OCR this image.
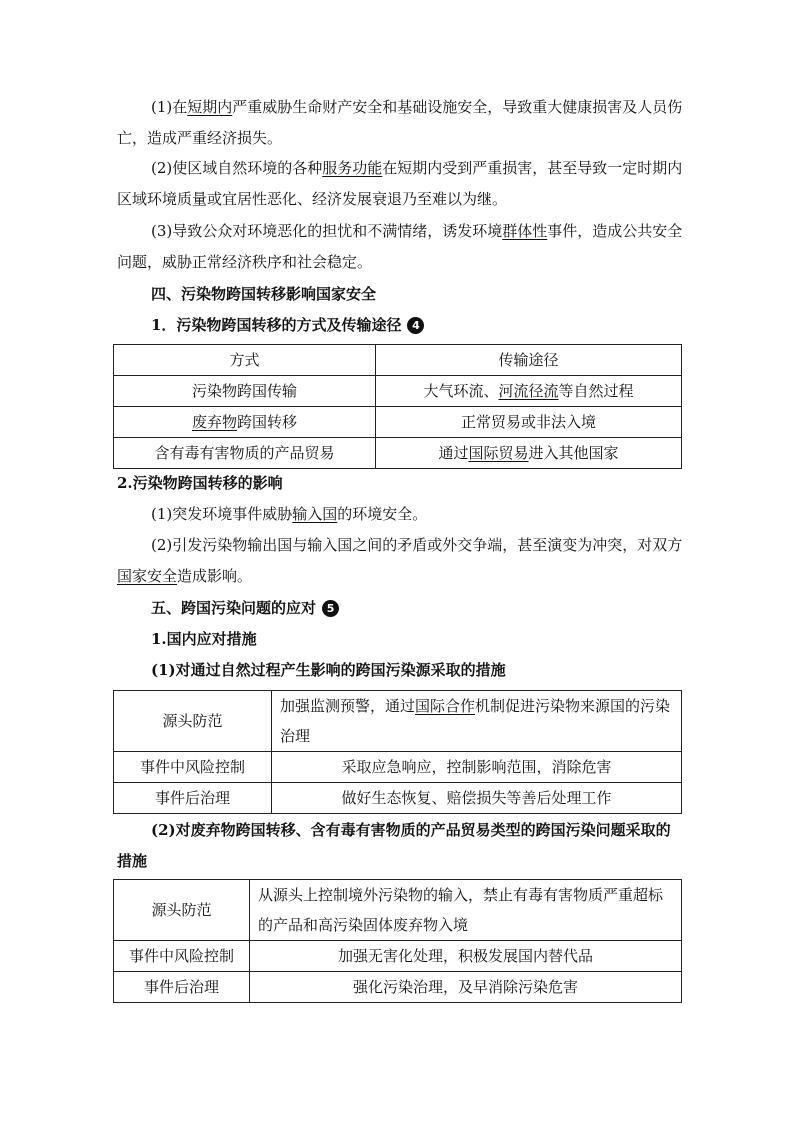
(1)在短期内严重威胁生命财产安全和基础设施安全，导致重大健康损害及人员伤亡，造成严重经济损失。

(2)使区域自然环境的各种服务功能在短期内受到严重损害，甚至导致一定时期内区域环境质量或宜居性恶化、经济发展衰退乃至难以为继。

(3)导致公众对环境恶化的担忧和不满情绪，诱发环境群体性事件，造成公共安全问题，威胁正常经济秩序和社会稳定。

四、污染物跨国转移影响国家安全

1．污染物跨国转移的方式及传输途径 4

方式	传输途径
污染物跨国传输	大气环流、河流径流等自然过程
废弃物跨国转移	正常贸易或非法入境
含有毒有害物质的产品贸易	通过国际贸易进入其他国家

2.污染物跨国转移的影响

(1)突发环境事件威胁输入国的环境安全。

(2)引发污染物输出国与输入国之间的矛盾或外交争端，甚至演变为冲突，对双方国家安全造成影响。

五、跨国污染问题的应对 5

1.国内应对措施

(1)对通过自然过程产生影响的跨国污染源采取的措施

源头防范	加强监测预警，通过国际合作机制促进污染物来源国的污染治理
事件中风险控制	采取应急响应，控制影响范围，消除危害
事件后治理	做好生态恢复、赔偿损失等善后处理工作

(2)对废弃物跨国转移、含有毒有害物质的产品贸易类型的跨国污染问题采取的措施

源头防范	从源头上控制境外污染物的输入，禁止有毒有害物质严重超标的产品和高污染固体废弃物入境
事件中风险控制	加强无害化处理，积极发展国内替代品
事件后治理	强化污染治理，及早消除污染危害
